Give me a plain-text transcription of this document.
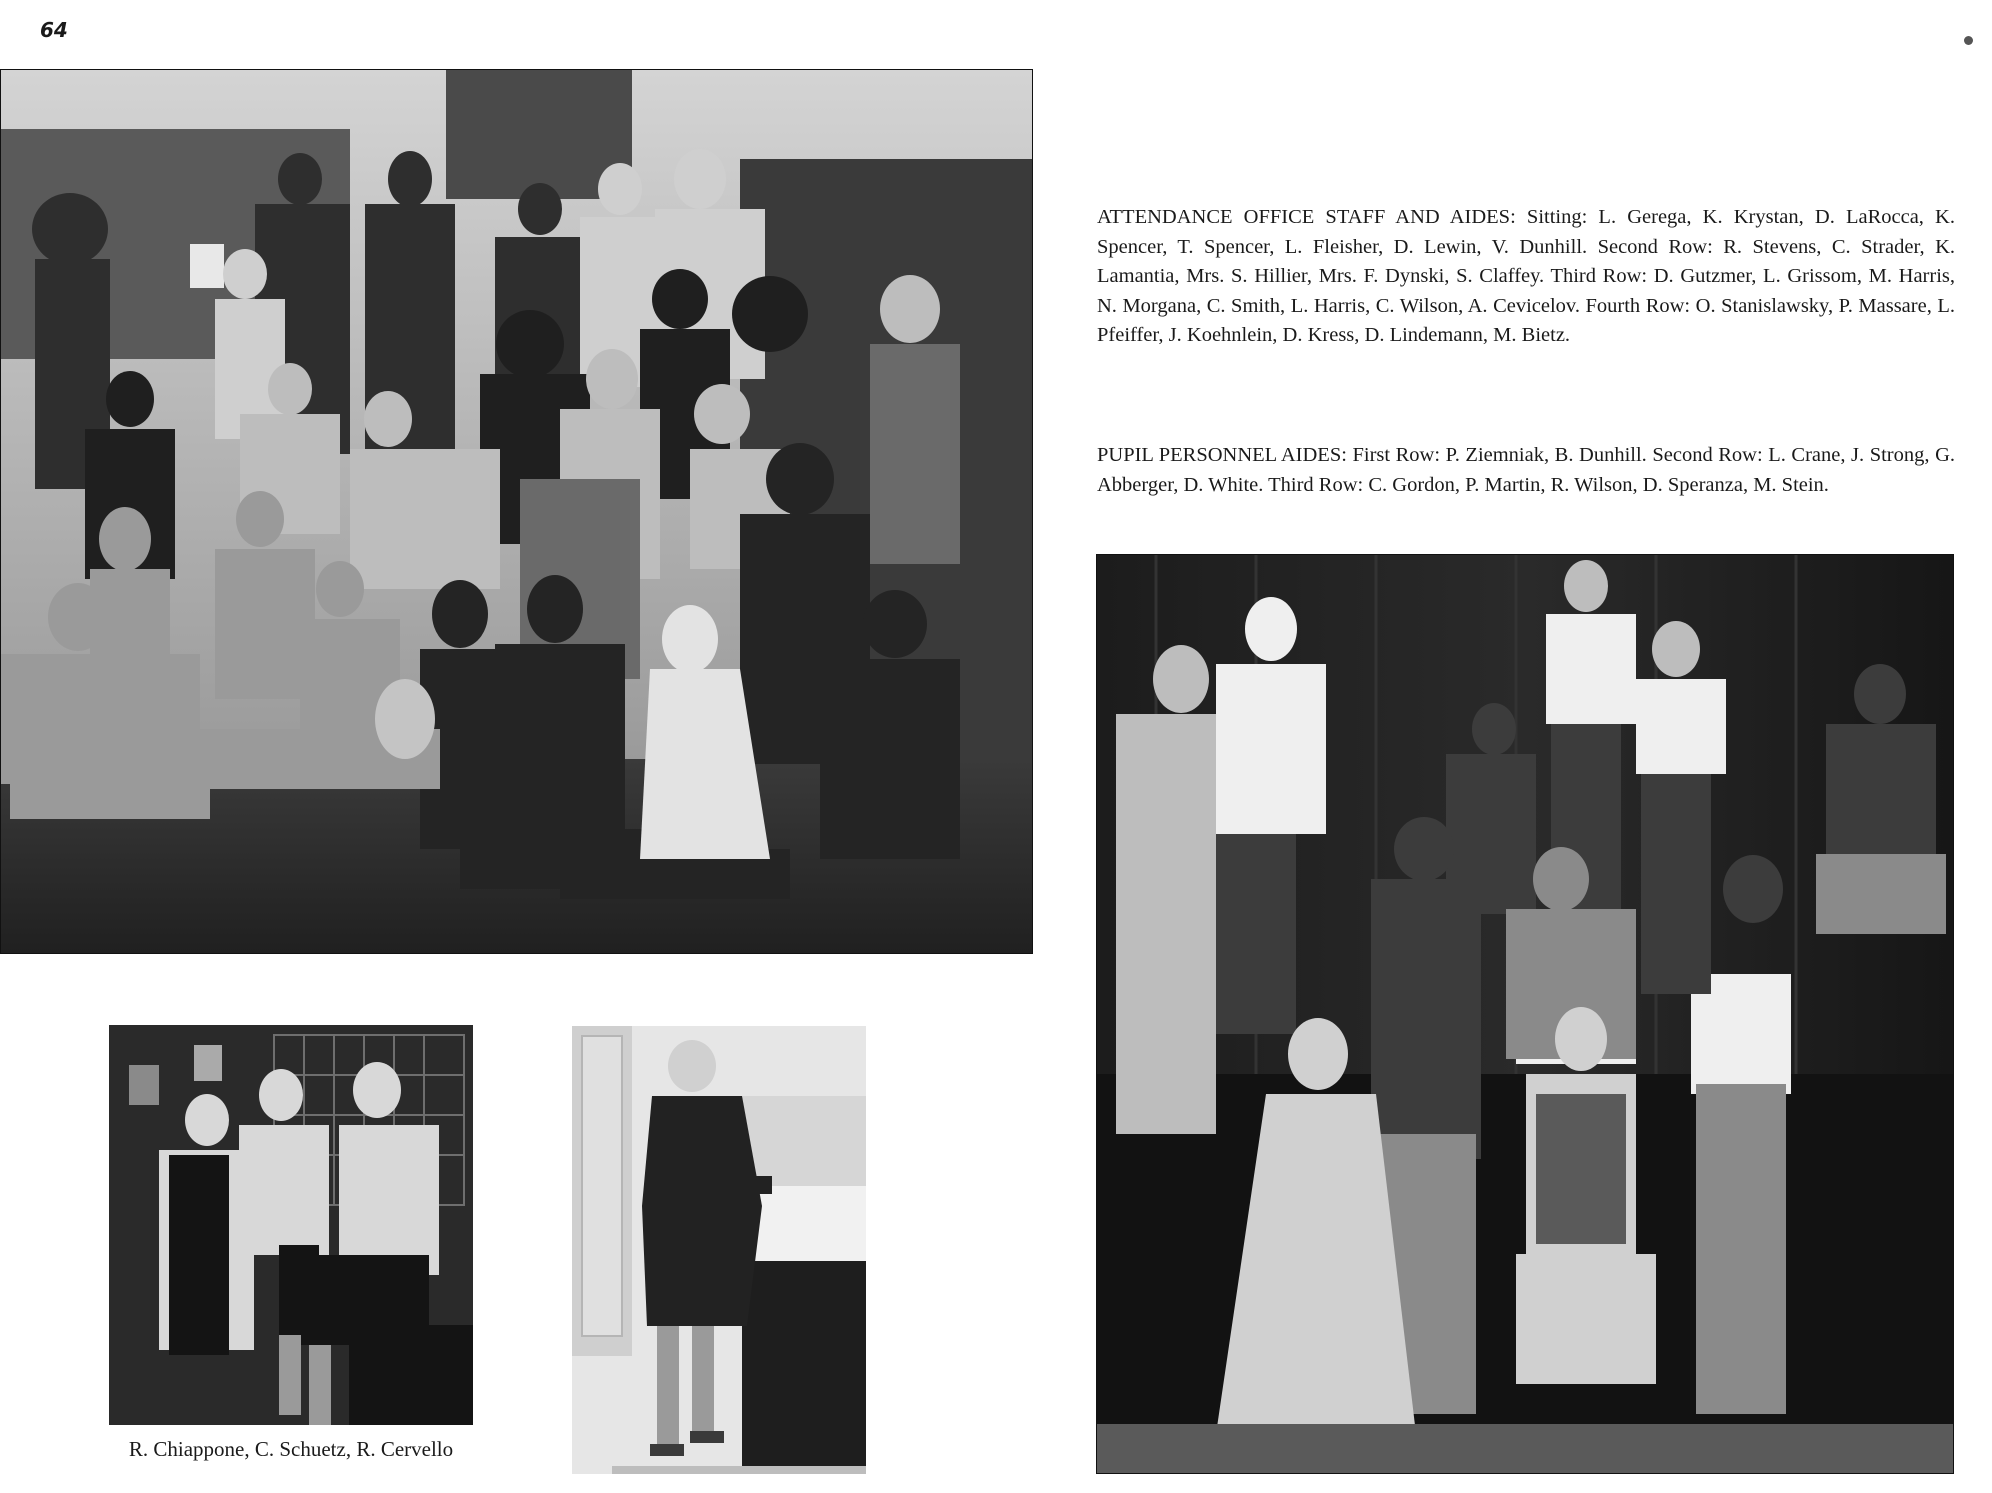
64
ATTENDANCE OFFICE STAFF AND AIDES: Sitting: L. Gerega, K. Krystan, D. LaRocca, K. Spencer, T. Spencer, L. Fleisher, D. Lewin, V. Dunhill. Second Row: R. Stevens, C. Strader, K. Lamantia, Mrs. S. Hillier, Mrs. F. Dynski, S. Claffey. Third Row: D. Gutzmer, L. Grissom, M. Harris, N. Morgana, C. Smith, L. Harris, C. Wilson, A. Cevicelov. Fourth Row: O. Stanislawsky, P. Massare, L. Pfeiffer, J. Koehnlein, D. Kress, D. Lindemann, M. Bietz.
PUPIL PERSONNEL AIDES: First Row: P. Ziemniak, B. Dunhill. Second Row: L. Crane, J. Strong, G. Abberger, D. White. Third Row: C. Gordon, P. Martin, R. Wilson, D. Speranza, M. Stein.
R. Chiappone, C. Schuetz, R. Cervello
